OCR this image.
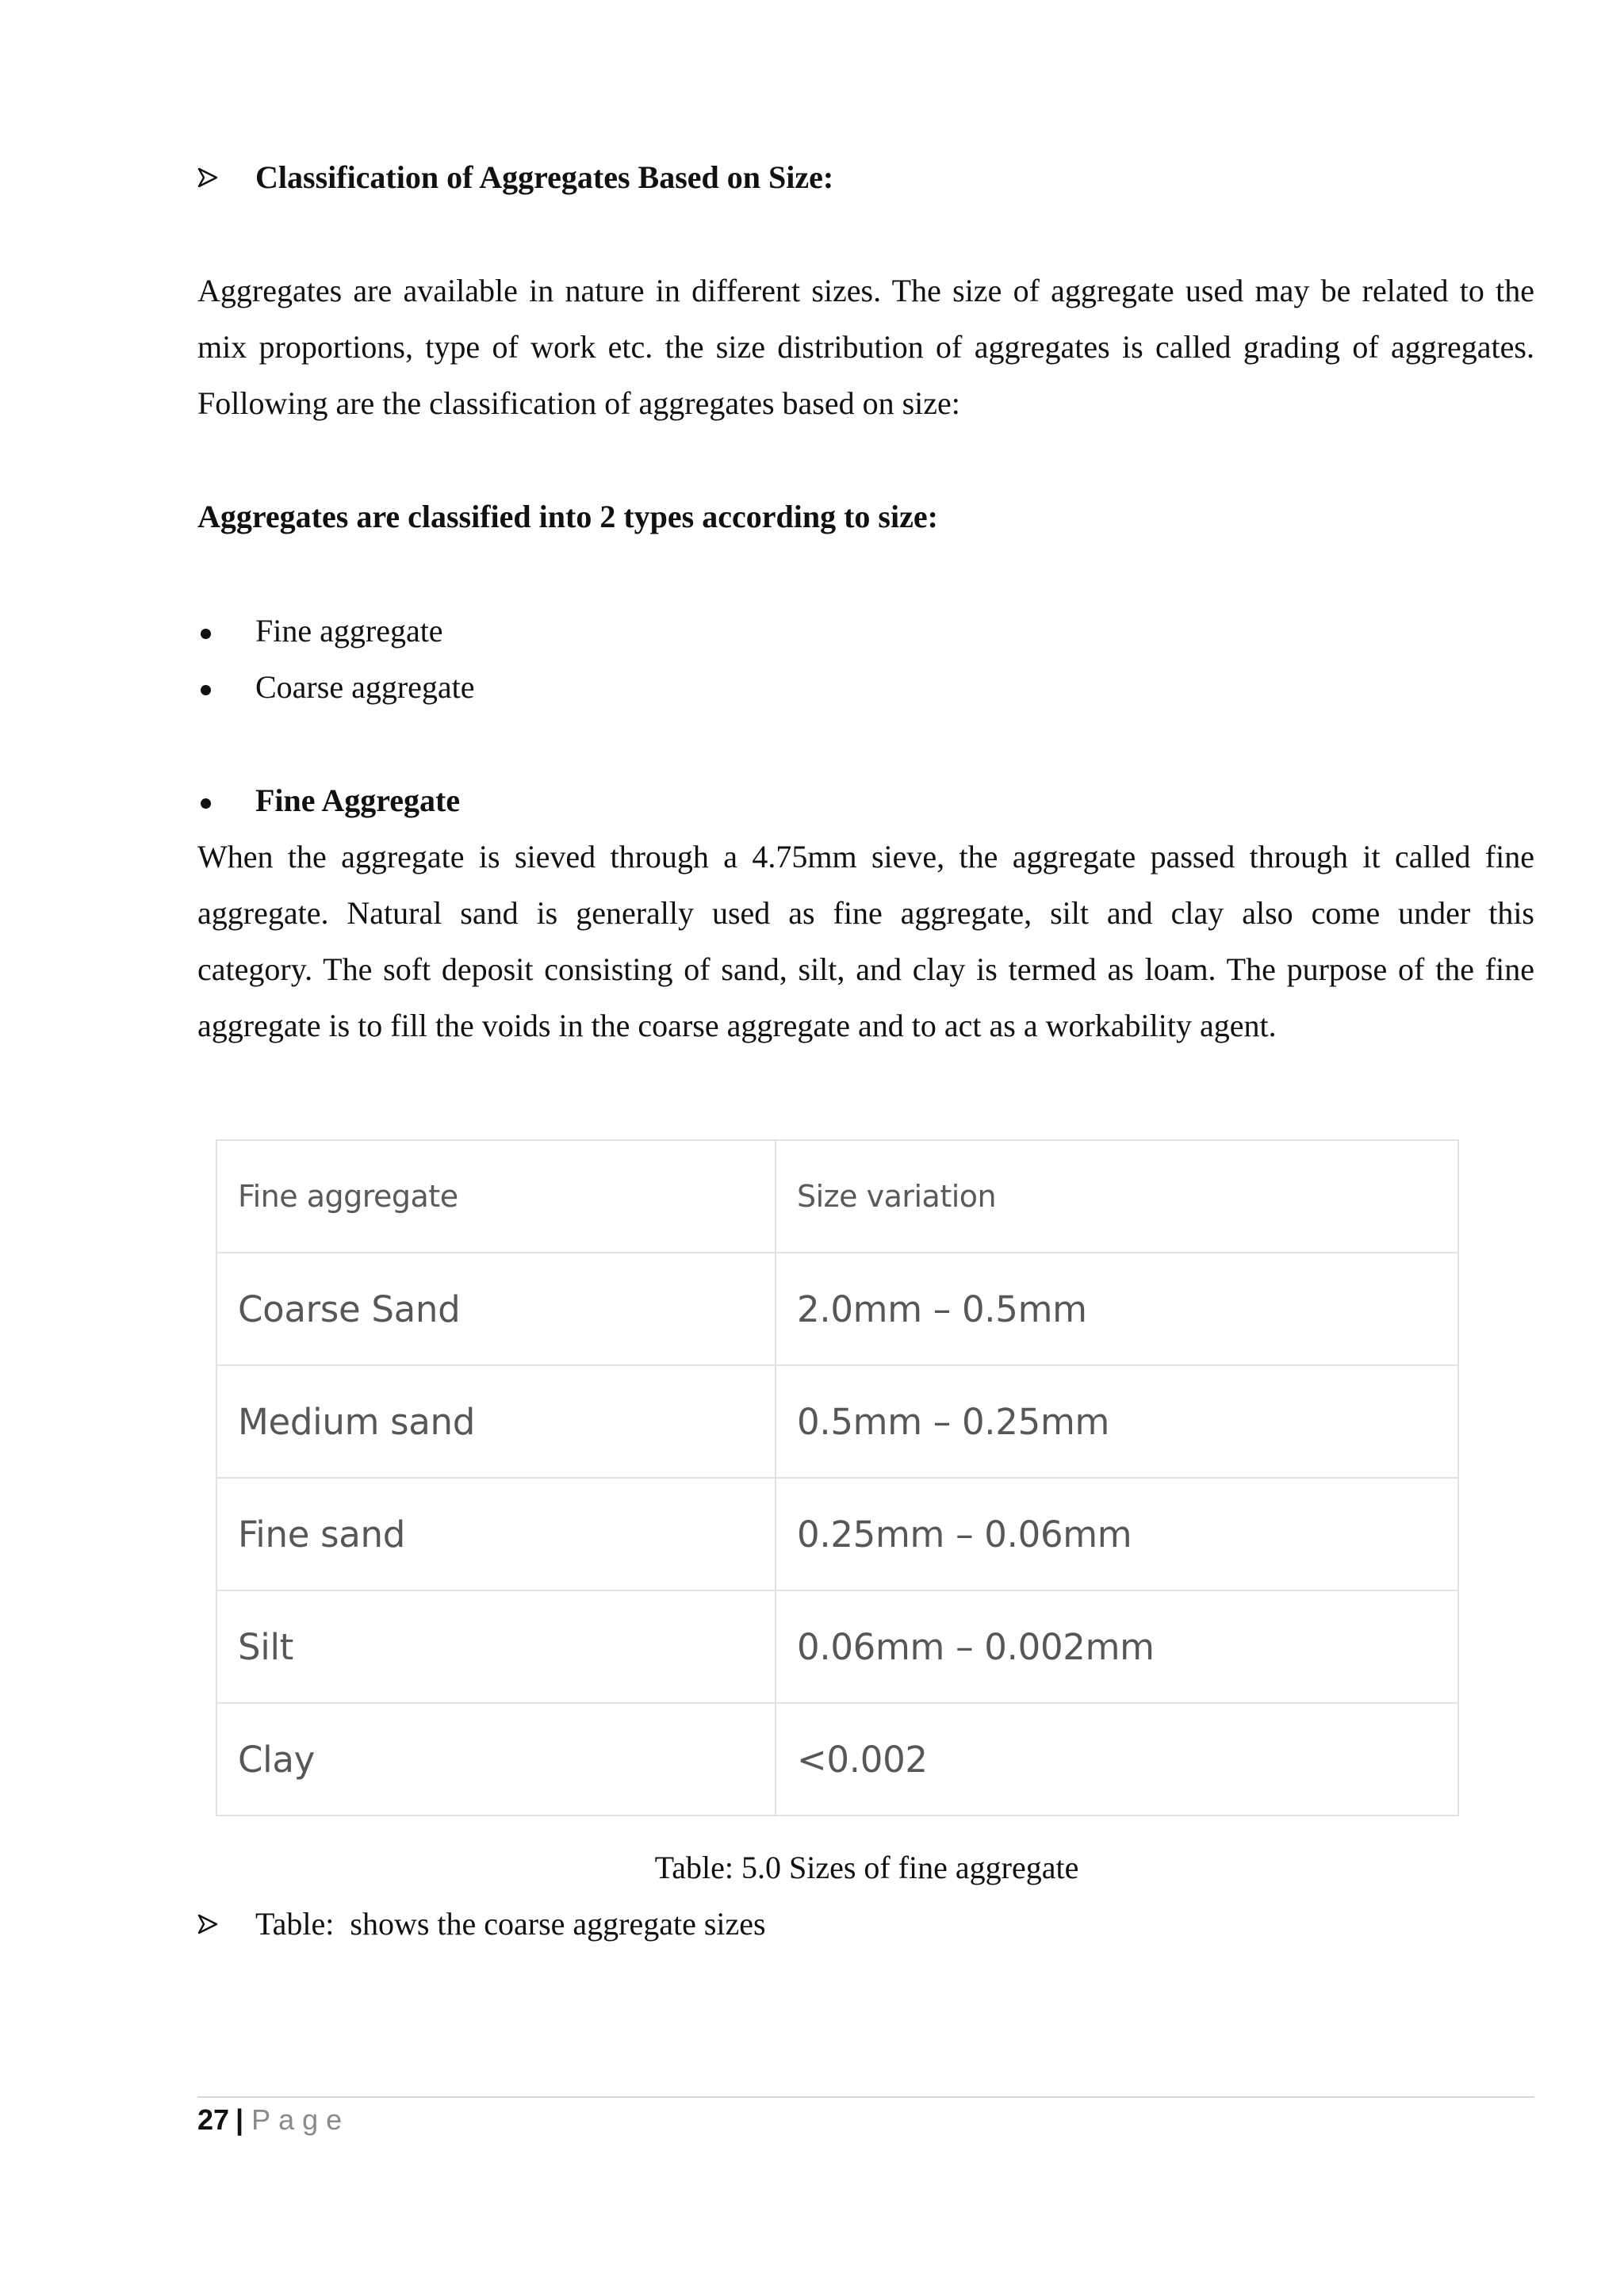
Classification of Aggregates Based on Size:
Aggregates are available in nature in different sizes. The size of aggregate used may be related to the
mix proportions, type of work etc. the size distribution of aggregates is called grading of aggregates.
Following are the classification of aggregates based on size:
Aggregates are classified into 2 types according to size:
Fine aggregate
Coarse aggregate
Fine Aggregate
When the aggregate is sieved through a 4.75mm sieve, the aggregate passed through it called fine
aggregate. Natural sand is generally used as fine aggregate, silt and clay also come under this
category. The soft deposit consisting of sand, silt, and clay is termed as loam. The purpose of the fine
aggregate is to fill the voids in the coarse aggregate and to act as a workability agent.
Fine aggregate	Size variation
Coarse Sand	2.0mm – 0.5mm
Medium sand	0.5mm – 0.25mm
Fine sand	0.25mm – 0.06mm
Silt	0.06mm – 0.002mm
Clay	<0.002
Table: 5.0 Sizes of fine aggregate
Table:  shows the coarse aggregate sizes
27 | Page
